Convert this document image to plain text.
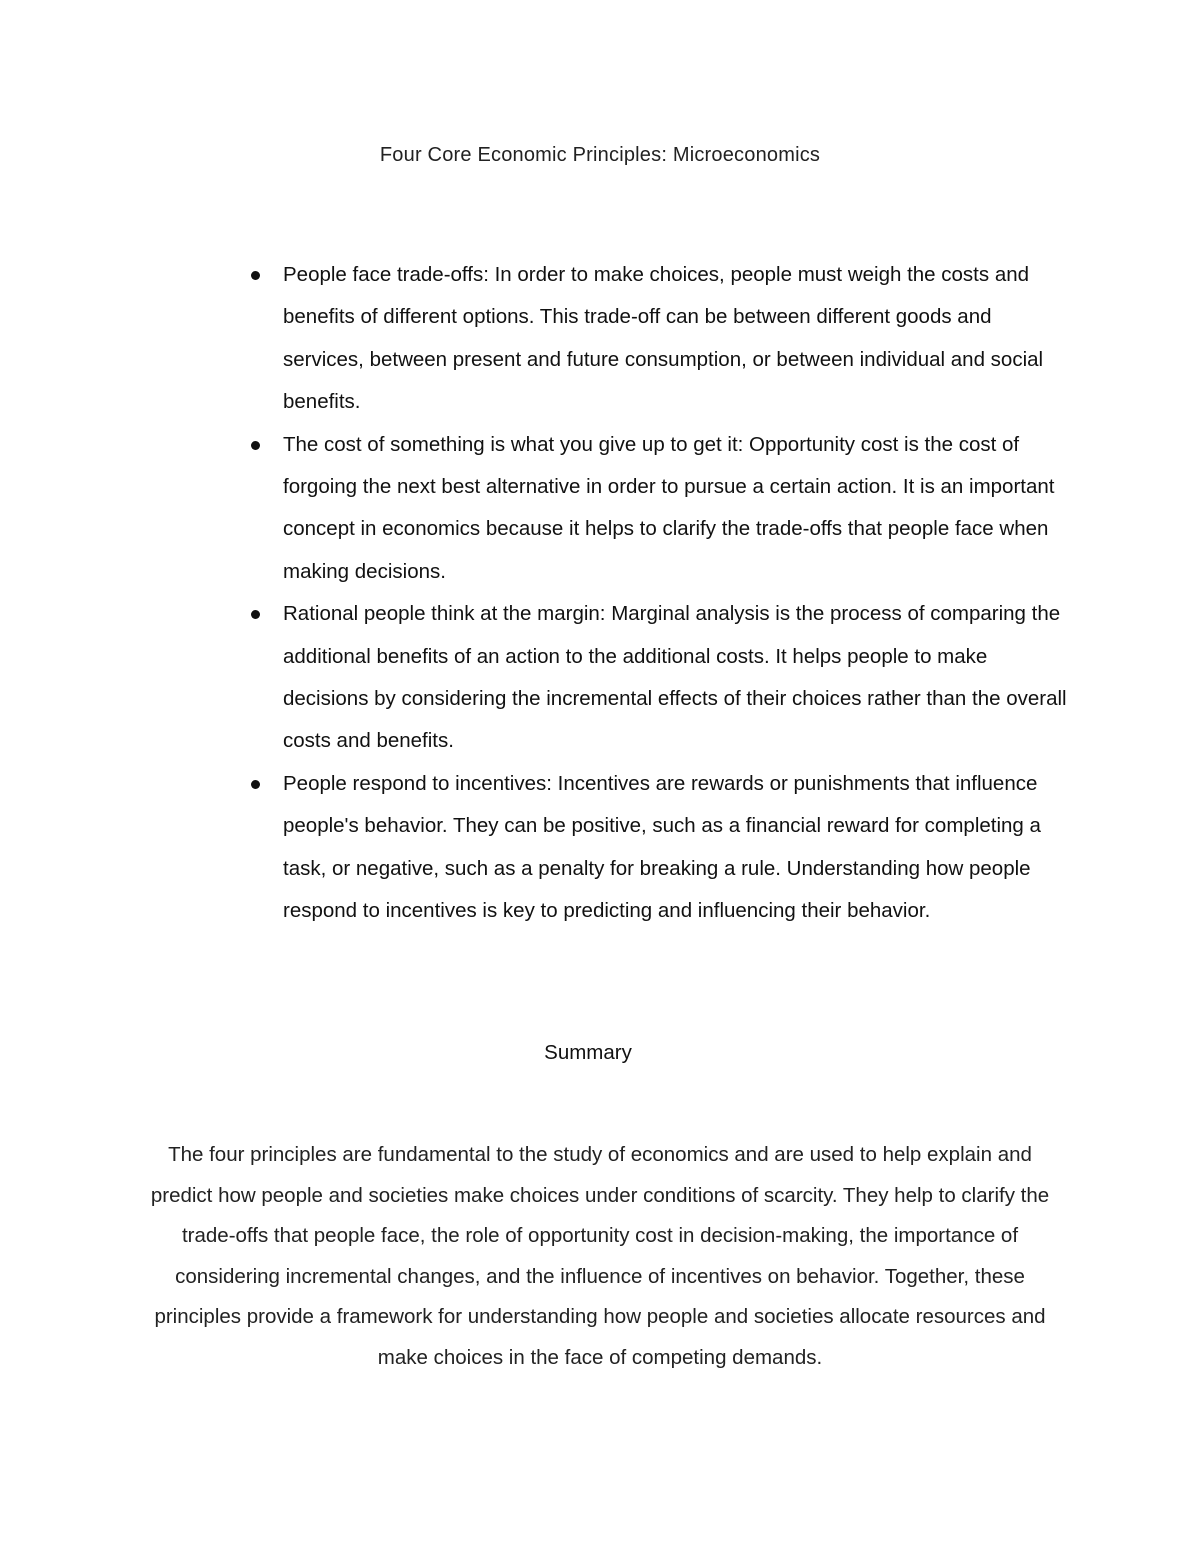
Four Core Economic Principles: Microeconomics
People face trade-offs: In order to make choices, people must weigh the costs and benefits of different options. This trade-off can be between different goods and services, between present and future consumption, or between individual and social benefits.
The cost of something is what you give up to get it: Opportunity cost is the cost of forgoing the next best alternative in order to pursue a certain action. It is an important concept in economics because it helps to clarify the trade-offs that people face when making decisions.
Rational people think at the margin: Marginal analysis is the process of comparing the additional benefits of an action to the additional costs. It helps people to make decisions by considering the incremental effects of their choices rather than the overall costs and benefits.
People respond to incentives: Incentives are rewards or punishments that influence people's behavior. They can be positive, such as a financial reward for completing a task, or negative, such as a penalty for breaking a rule. Understanding how people respond to incentives is key to predicting and influencing their behavior.
Summary

The four principles are fundamental to the study of economics and are used to help explain and predict how people and societies make choices under conditions of scarcity. They help to clarify the trade-offs that people face, the role of opportunity cost in decision-making, the importance of considering incremental changes, and the influence of incentives on behavior. Together, these principles provide a framework for understanding how people and societies allocate resources and make choices in the face of competing demands.
